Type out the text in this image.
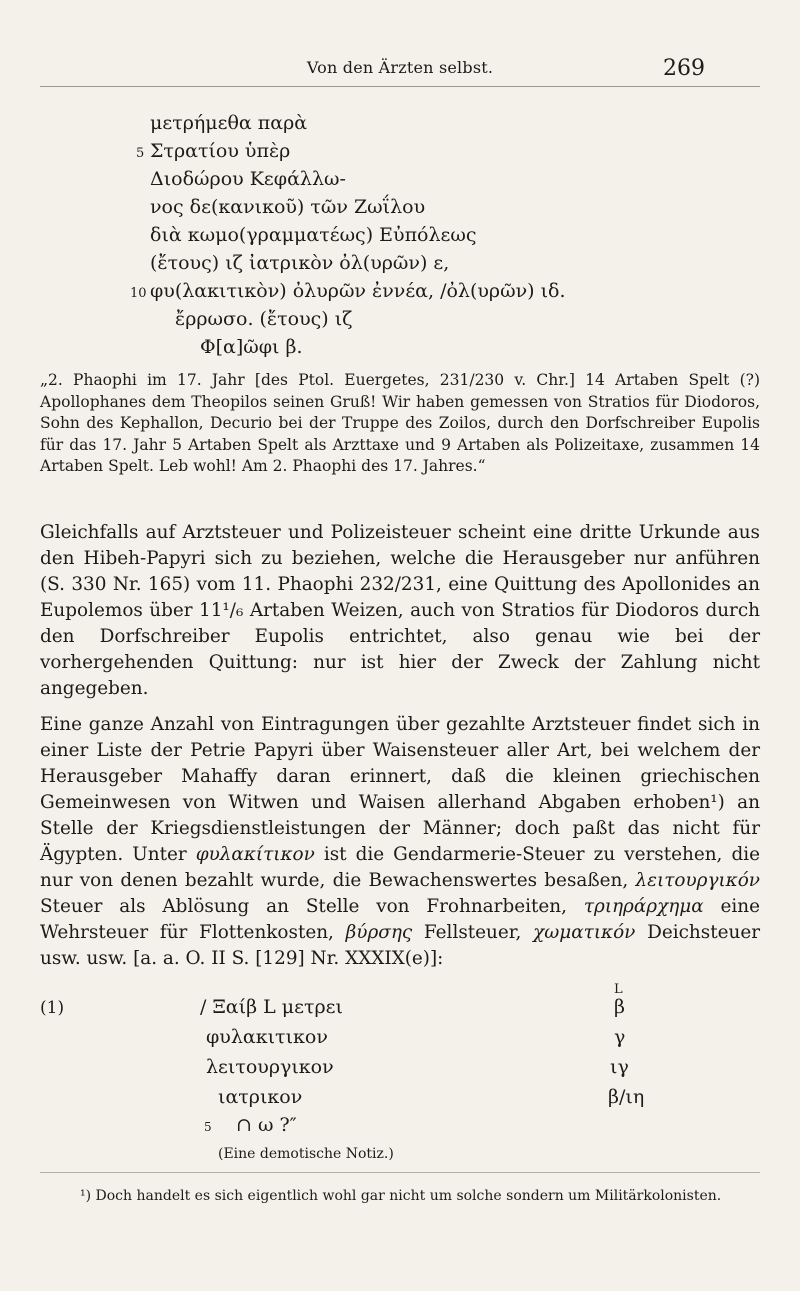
Von den Ärzten selbst.	269
μετρήμεθα παρὰ
5 Στρατίου ὑπὲρ
Διοδώρου Κεφάλλω-
νος δε(κανικοῦ) τῶν Ζωΐλου
διὰ κωμο(γραμματέως) Εὐπόλεως
(ἔτους) ιζ ἰατρικὸν ὀλ(υρῶν) ε,
10 φυ(λακιτικὸν) ὀλυρῶν ἐννέα, /ὀλ(υρῶν) ιδ.
ἔρρωσο. (ἔτους) ιζ
Φ[α]ῶφι β.

„2. Phaophi im 17. Jahr [des Ptol. Euergetes, 231/230 v. Chr.] 14 Artaben Spelt (?) Apollophanes dem Theopilos seinen Gruß! Wir haben gemessen von Stratios für Diodoros, Sohn des Kephallon, Decurio bei der Truppe des Zoilos, durch den Dorfschreiber Eupolis für das 17. Jahr 5 Artaben Spelt als Arzttaxe und 9 Artaben als Polizeitaxe, zusammen 14 Artaben Spelt. Leb wohl! Am 2. Phaophi des 17. Jahres.“

Gleichfalls auf Arztsteuer und Polizeisteuer scheint eine dritte Urkunde aus den Hibeh-Papyri sich zu beziehen, welche die Herausgeber nur anführen (S. 330 Nr. 165) vom 11. Phaophi 232/231, eine Quittung des Apollonides an Eupolemos über 11¹/₆ Artaben Weizen, auch von Stratios für Diodoros durch den Dorfschreiber Eupolis entrichtet, also genau wie bei der vorhergehenden Quittung: nur ist hier der Zweck der Zahlung nicht angegeben.

Eine ganze Anzahl von Eintragungen über gezahlte Arztsteuer findet sich in einer Liste der Petrie Papyri über Waisensteuer aller Art, bei welchem der Herausgeber Mahaffy daran erinnert, daß die kleinen griechischen Gemeinwesen von Witwen und Waisen allerhand Abgaben erhoben¹) an Stelle der Kriegsdienstleistungen der Männer; doch paßt das nicht für Ägypten. Unter φυλακίτικον ist die Gendarmerie-Steuer zu verstehen, die nur von denen bezahlt wurde, die Bewachenswertes besaßen, λειτουργικόν Steuer als Ablösung an Stelle von Frohnarbeiten, τριηράρχημα eine Wehrsteuer für Flottenkosten, βύρσης Fellsteuer, χωματικόν Deichsteuer usw. usw. [a. a. O. II S. [129] Nr. XXXIX(e)]:

L
(1)	/ Ξαίβ L μετρει	β
φυλακιτικον	γ
λειτουργικον	ιγ
ιατρικον	β/ιη
5 ∩ ω ?″
(Eine demotische Notiz.)
¹) Doch handelt es sich eigentlich wohl gar nicht um solche sondern um Militärkolonisten.
